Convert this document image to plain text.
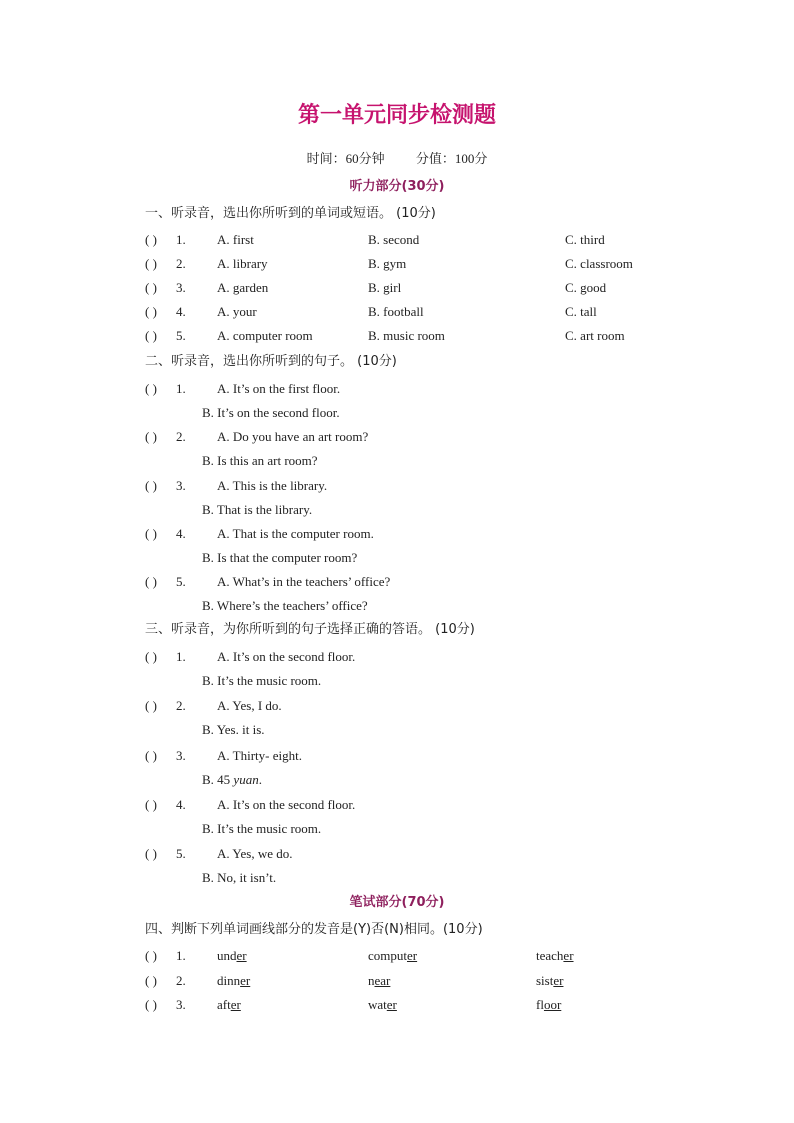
第一单元同步检测题
时间：60分钟 分值：100分
听力部分(30分)
一、听录音，选出你所听到的单词或短语。 (10分)
( ) 1. A. first	B. second	C. third
( ) 2. A. library	B. gym	C. classroom
( ) 3. A. garden	B. girl	C. good
( ) 4. A. your	B. football	C. tall
( ) 5. A. computer room	B. music room	C. art room
二、听录音，选出你所听到的句子。 (10分)
( ) 1. A. It’s on the first floor.
B. It’s on the second floor.
( ) 2. A. Do you have an art room?
B. Is this an art room?
( ) 3. A. This is the library.
B. That is the library.
( ) 4. A. That is the computer room.
B. Is that the computer room?
( ) 5. A. What’s in the teachers’ office?
B. Where’s the teachers’ office?
三、听录音，为你所听到的句子选择正确的答语。 (10分)
( ) 1. A. It’s on the second floor.
B. It’s the music room.
( ) 2. A. Yes, I do.
B. Yes. it is.
( ) 3. A. Thirty- eight.
B. 45 yuan.
( ) 4. A. It’s on the second floor.
B. It’s the music room.
( ) 5. A. Yes, we do.
B. No, it isn’t.
笔试部分(70分)
四、判断下列单词画线部分的发音是(Y)否(N)相同。(10分)
( ) 1. under	computer	teacher
( ) 2. dinner	near	sister
( ) 3. after	water	floor
